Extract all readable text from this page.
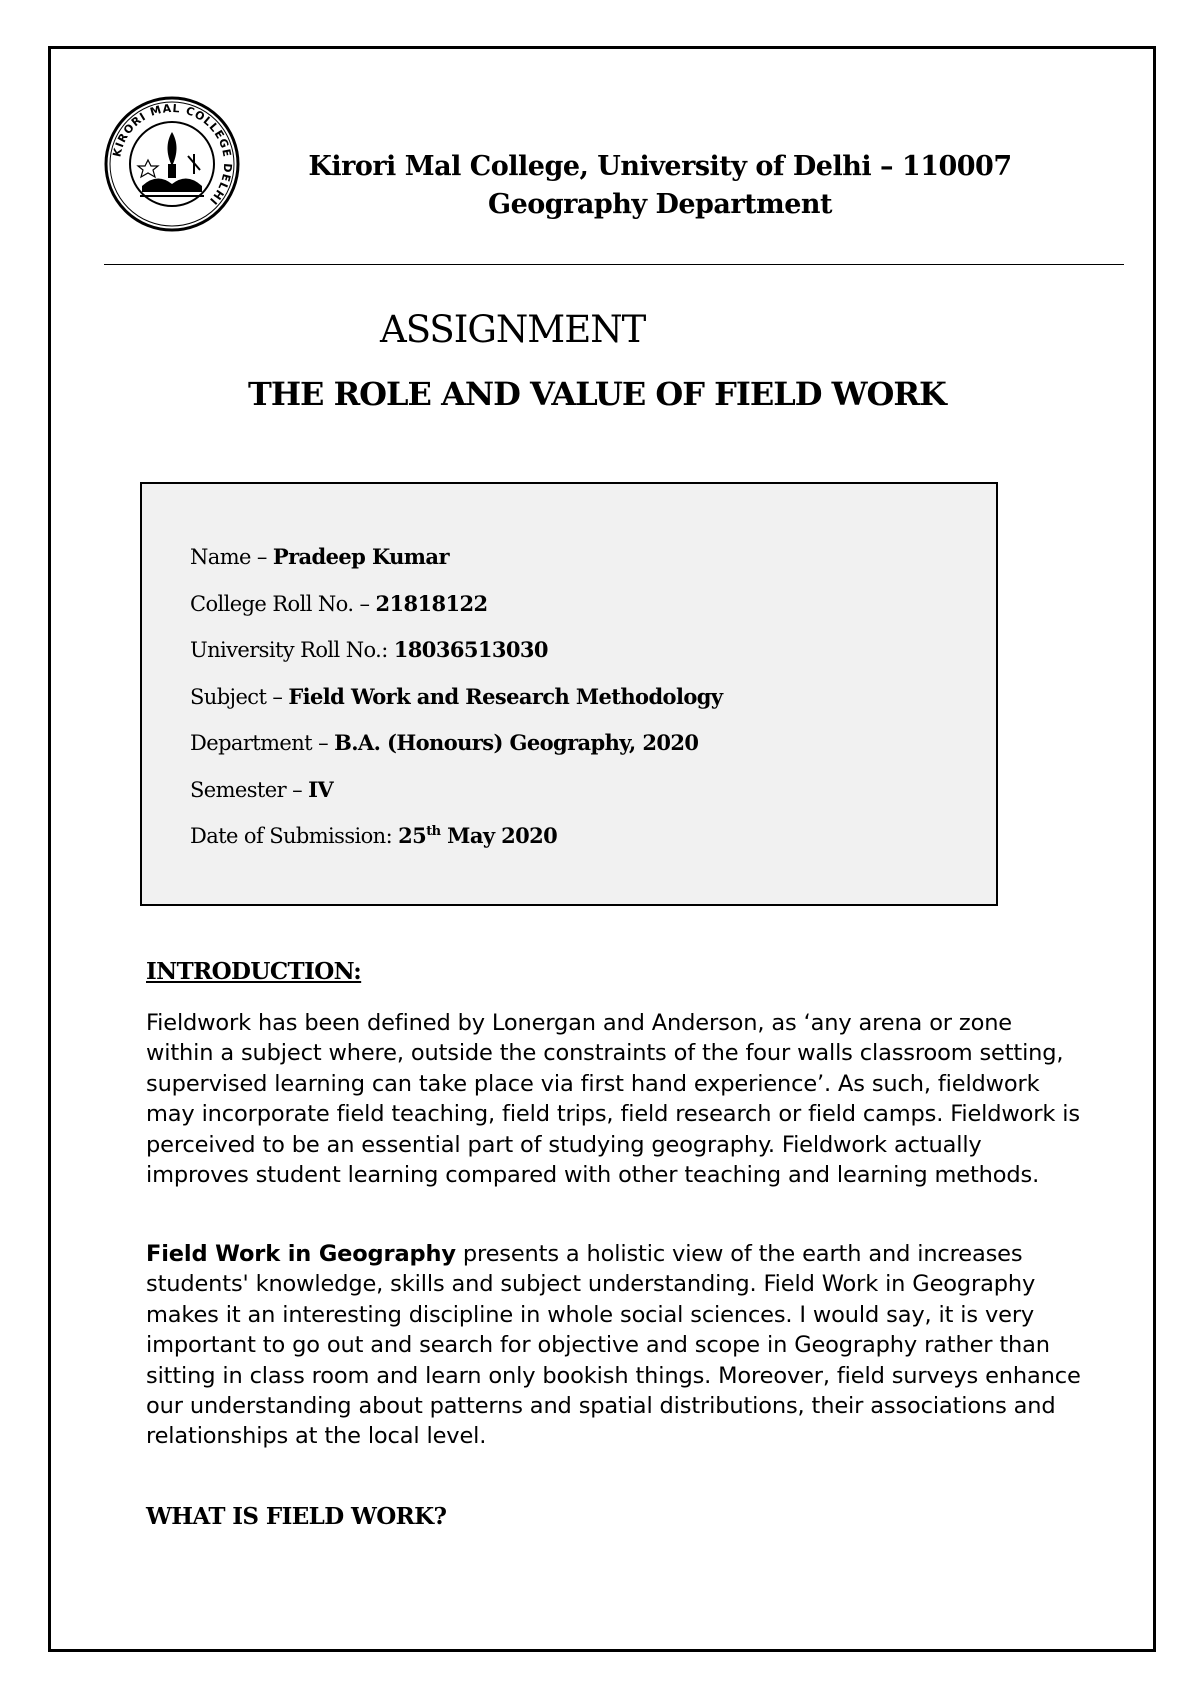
KIRORI MAL COLLEGE DELHI
Kirori Mal College, University of Delhi – 110007
Geography Department
ASSIGNMENT
THE ROLE AND VALUE OF FIELD WORK
Name – Pradeep Kumar
College Roll No. – 21818122
University Roll No.: 18036513030
Subject – Field Work and Research Methodology
Department – B.A. (Honours) Geography, 2020
Semester – IV
Date of Submission: 25th May 2020
INTRODUCTION:

Fieldwork has been defined by Lonergan and Anderson, as ‘any arena or zone within a subject where, outside the constraints of the four walls classroom setting, supervised learning can take place via first hand experience’. As such, fieldwork may incorporate field teaching, field trips, field research or field camps. Fieldwork is perceived to be an essential part of studying geography. Fieldwork actually improves student learning compared with other teaching and learning methods.

Field Work in Geography presents a holistic view of the earth and increases students' knowledge, skills and subject understanding. Field Work in Geography makes it an interesting discipline in whole social sciences. I would say, it is very important to go out and search for objective and scope in Geography rather than sitting in class room and learn only bookish things. Moreover, field surveys enhance our understanding about patterns and spatial distributions, their associations and relationships at the local level.

WHAT IS FIELD WORK?
